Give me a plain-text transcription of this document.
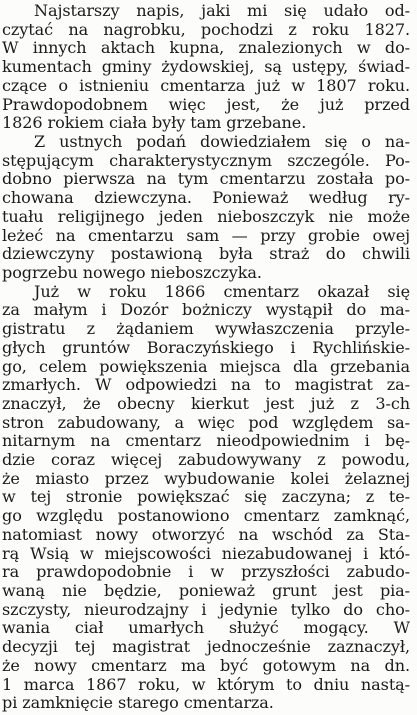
Najstarszy napis, jaki mi się udało od-
czytać na nagrobku, pochodzi z roku 1827.
W innych aktach kupna, znalezionych w do-
kumentach gminy żydowskiej, są ustępy, świad-
czące o istnieniu cmentarza już w 1807 roku.
Prawdopodobnem więc jest, że już przed
1826 rokiem ciała były tam grzebane.
Z ustnych podań dowiedziałem się o na-
stępującym charakterystycznym szczególe. Po-
dobno pierwsza na tym cmentarzu została po-
chowana dziewczyna. Ponieważ według ry-
tuału religijnego jeden nieboszczyk nie może
leżeć na cmentarzu sam — przy grobie owej
dziewczyny postawioną była straż do chwili
pogrzebu nowego nieboszczyka.
Już w roku 1866 cmentarz okazał się
za małym i Dozór bożniczy wystąpił do ma-
gistratu z żądaniem wywłaszczenia przyle-
głych gruntów Boraczyńskiego i Rychlińskie-
go, celem powiększenia miejsca dla grzebania
zmarłych. W odpowiedzi na to magistrat za-
znaczył, że obecny kierkut jest już z 3-ch
stron zabudowany, a więc pod względem sa-
nitarnym na cmentarz nieodpowiednim i bę-
dzie coraz więcej zabudowywany z powodu,
że miasto przez wybudowanie kolei żelaznej
w tej stronie powiększać się zaczyna; z te-
go względu postanowiono cmentarz zamknąć,
natomiast nowy otworzyć na wschód za Sta-
rą Wsią w miejscowości niezabudowanej i któ-
ra prawdopodobnie i w przyszłości zabudo-
waną nie będzie, ponieważ grunt jest pia-
szczysty, nieurodzajny i jedynie tylko do cho-
wania ciał umarłych służyć mogący. W
decyzji tej magistrat jednocześnie zaznaczył,
że nowy cmentarz ma być gotowym na dn.
1 marca 1867 roku, w którym to dniu nastą-
pi zamknięcie starego cmentarza.
